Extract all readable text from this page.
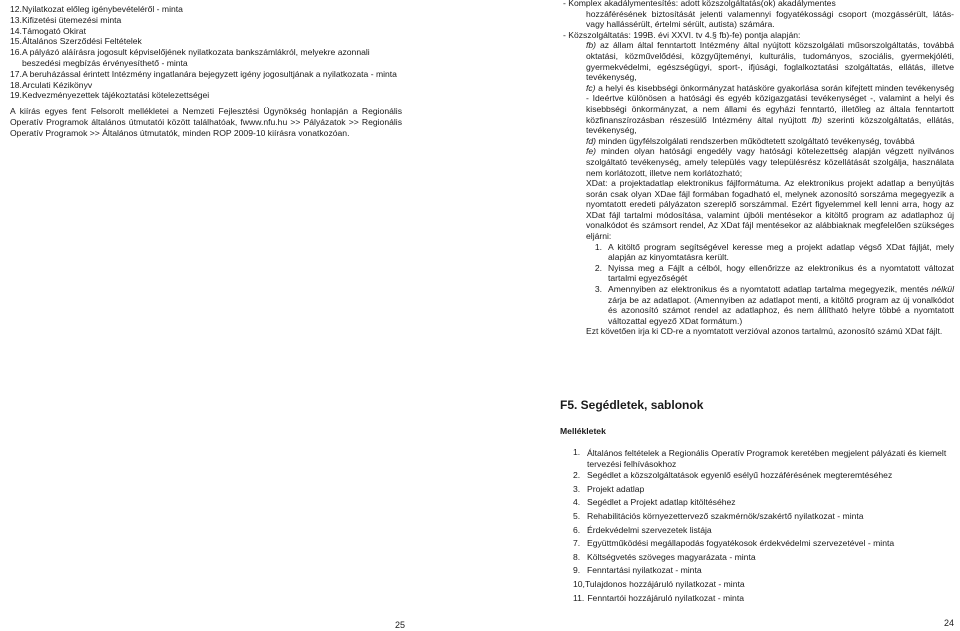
12. Nyilatkozat előleg igénybevételéről - minta
13. Kifizetési ütemezési minta
14. Támogató Okirat
15. Általános Szerződési Feltételek
16. A pályázó aláírásra jogosult képviselőjének nyilatkozata bankszámlákról, melyekre azonnali beszedési megbízás érvényesíthető - minta
17. A beruházással érintett Intézmény ingatlanára bejegyzett igény jogosultjának a nyilatkozata - minta
18. Arculati Kézikönyv
19. Kedvezményezettek tájékoztatási kötelezettségei

A kiírás egyes fent Felsorolt mellékletei a Nemzeti Fejlesztési Ügynökség honlapján a Regionális Operatív Programok általános útmutatói között találhatóak, fwww.nfu.hu >> Pályázatok >> Regionális Operatív Programok >> Általános útmutatók, minden ROP 2009-10 kiírásra vonatkozóan.

- Komplex akadálymentesítés: adott közszolgáltatás(ok) akadálymentes
hozzáférésének biztosítását jelenti valamennyi fogyatékossági csoport (mozgássérült, látás- vagy hallássérült, értelmi sérült, autista) számára.
- Közszolgáltatás: 199B. évi XXVI. tv 4.§ fb)-fe) pontja alapján:
fb) az állam által fenntartott Intézmény által nyújtott közszolgálati műsorszolgáltatás, továbbá oktatási, közművelődési, közgyűjteményi, kulturális, tudományos, szociális, gyermekjóléti, gyermekvédelmi, egészségügyi, sport-, ifjúsági, foglalkoztatási szolgáltatás, ellátás, illetve tevékenység,
fc) a helyi és kisebbségi önkormányzat hatásköre gyakorlása során kifejtett minden tevékenység - Ideértve különösen a hatósági és egyéb közigazgatási tevékenységet -, valamint a helyi és kisebbségi önkormányzat, a nem állami és egyházi fenntartó, illetőleg az általa fenntartott közfinanszírozásban részesülő Intézmény által nyújtott fb) szerinti közszolgáltatás, ellátás, tevékenység,
fd) minden ügyfélszolgálati rendszerben működtetett szolgáltató tevékenység, továbbá
fe) minden olyan hatósági engedély vagy hatósági kötelezettség alapján végzett nyilvános szolgáltató tevékenység, amely település vagy településrész közellátását szolgálja, használata nem korlátozott, illetve nem korlátozható;
XDat: a projektadatlap elektronikus fájlformátuma. Az elektronikus projekt adatlap a benyújtás során csak olyan XDae fájl formában fogadható el, melynek azonosító sorszáma megegyezik a nyomtatott eredeti pályázaton szereplő sorszámmal. Ezért figyelemmel kell lenni arra, hogy az XDat fájl tartalmi módosítása, valamint újbóli mentésekor a kitöltő program az adatlaphoz új vonalkódot és számsort rendel, Az XDat fájl mentésekor az alábbiaknak megfelelően szükséges eljárni:
1. A kitöltő program segítségével keresse meg a projekt adatlap végső XDat fájlját, mely alapján az kinyomtatásra került.
2. Nyissa meg a Fájlt a célból, hogy ellenőrizze az elektronikus és a nyomtatott változat tartalmi egyezőségét
3. Amennyiben az elektronikus és a nyomtatott adatlap tartalma megegyezik, mentés nélkül zárja be az adatlapot. (Amennyiben az adatlapot menti, a kitöltő program az új vonalkódot és azonosító számot rendel az adatlaphoz, és nem állítható helyre többé a nyomtatott változattal egyező XDat formátum.)
Ezt követően irja ki CD-re a nyomtatott verzióval azonos tartalmú, azonosító számú XDat fájlt.
F5. Segédletek, sablonok
Mellékletek
1. Általános feltételek a Regionális Operatív Programok keretében megjelent pályázati és kiemelt tervezési felhívásokhoz
2. Segédlet a közszolgáltatások egyenlő esélyű hozzáférésének megteremtéséhez
3. Projekt adatlap
4. Segédlet a Projekt adatlap kitöltéséhez
5. Rehabilitációs környezettervező szakmérnök/szakértő nyilatkozat - minta
6. Érdekvédelmi szervezetek listája
7. Együttműködési megállapodás fogyatékosok érdekvédelmi szervezetével - minta
8. Költségvetés szöveges magyarázata - minta
9. Fenntartási nyilatkozat - minta
10, Tulajdonos hozzájáruló nyilatkozat - minta
11. Fenntartói hozzájáruló nyilatkozat - minta
25	24
